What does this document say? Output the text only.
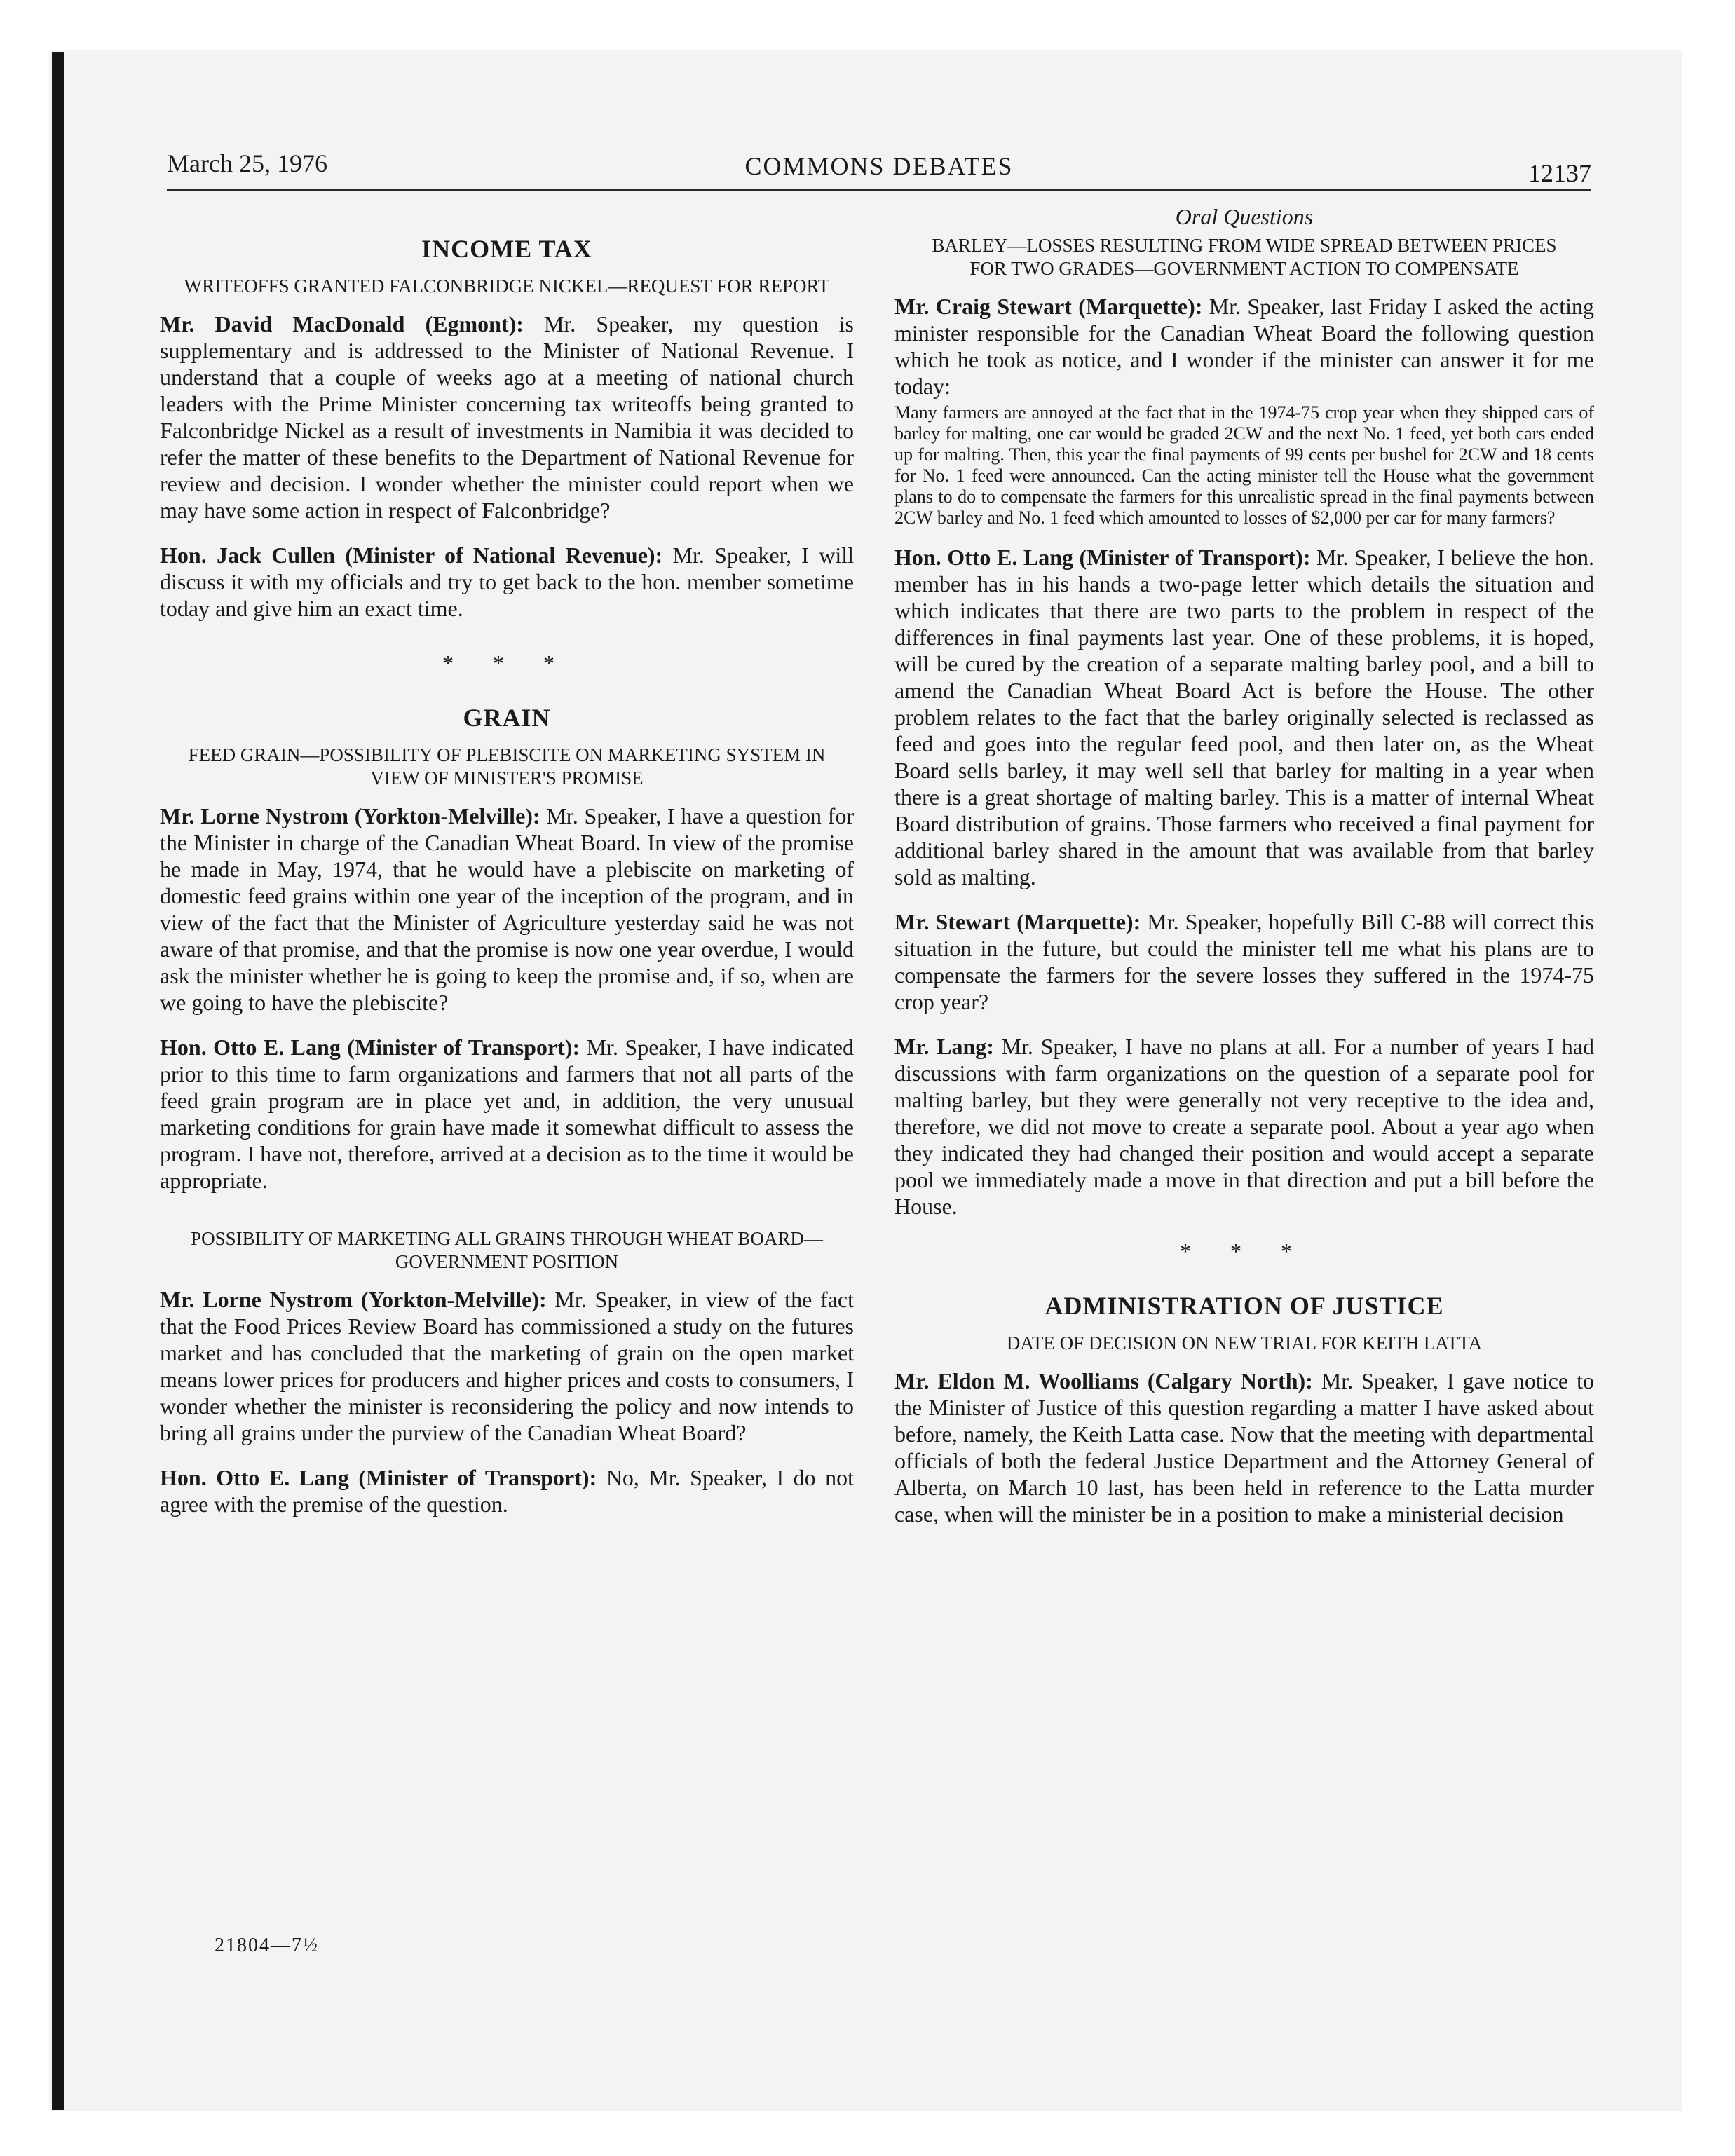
March 25, 1976	COMMONS DEBATES	12137
INCOME TAX
WRITEOFFS GRANTED FALCONBRIDGE NICKEL—REQUEST FOR REPORT

Mr. David MacDonald (Egmont): Mr. Speaker, my question is supplementary and is addressed to the Minister of National Revenue. I understand that a couple of weeks ago at a meeting of national church leaders with the Prime Minister concerning tax writeoffs being granted to Falconbridge Nickel as a result of investments in Namibia it was decided to refer the matter of these benefits to the Department of National Revenue for review and decision. I wonder whether the minister could report when we may have some action in respect of Falconbridge?

Hon. Jack Cullen (Minister of National Revenue): Mr. Speaker, I will discuss it with my officials and try to get back to the hon. member sometime today and give him an exact time.

* * *
GRAIN
FEED GRAIN—POSSIBILITY OF PLEBISCITE ON MARKETING SYSTEM IN VIEW OF MINISTER'S PROMISE

Mr. Lorne Nystrom (Yorkton-Melville): Mr. Speaker, I have a question for the Minister in charge of the Canadian Wheat Board. In view of the promise he made in May, 1974, that he would have a plebiscite on marketing of domestic feed grains within one year of the inception of the program, and in view of the fact that the Minister of Agriculture yesterday said he was not aware of that promise, and that the promise is now one year overdue, I would ask the minister whether he is going to keep the promise and, if so, when are we going to have the plebiscite?

Hon. Otto E. Lang (Minister of Transport): Mr. Speaker, I have indicated prior to this time to farm organizations and farmers that not all parts of the feed grain program are in place yet and, in addition, the very unusual marketing conditions for grain have made it somewhat difficult to assess the program. I have not, therefore, arrived at a decision as to the time it would be appropriate.

POSSIBILITY OF MARKETING ALL GRAINS THROUGH WHEAT BOARD—GOVERNMENT POSITION

Mr. Lorne Nystrom (Yorkton-Melville): Mr. Speaker, in view of the fact that the Food Prices Review Board has commissioned a study on the futures market and has concluded that the marketing of grain on the open market means lower prices for producers and higher prices and costs to consumers, I wonder whether the minister is reconsidering the policy and now intends to bring all grains under the purview of the Canadian Wheat Board?

Hon. Otto E. Lang (Minister of Transport): No, Mr. Speaker, I do not agree with the premise of the question.

Oral Questions
BARLEY—LOSSES RESULTING FROM WIDE SPREAD BETWEEN PRICES FOR TWO GRADES—GOVERNMENT ACTION TO COMPENSATE

Mr. Craig Stewart (Marquette): Mr. Speaker, last Friday I asked the acting minister responsible for the Canadian Wheat Board the following question which he took as notice, and I wonder if the minister can answer it for me today:

Many farmers are annoyed at the fact that in the 1974-75 crop year when they shipped cars of barley for malting, one car would be graded 2CW and the next No. 1 feed, yet both cars ended up for malting. Then, this year the final payments of 99 cents per bushel for 2CW and 18 cents for No. 1 feed were announced. Can the acting minister tell the House what the government plans to do to compensate the farmers for this unrealistic spread in the final payments between 2CW barley and No. 1 feed which amounted to losses of $2,000 per car for many farmers?

Hon. Otto E. Lang (Minister of Transport): Mr. Speaker, I believe the hon. member has in his hands a two-page letter which details the situation and which indicates that there are two parts to the problem in respect of the differences in final payments last year. One of these problems, it is hoped, will be cured by the creation of a separate malting barley pool, and a bill to amend the Canadian Wheat Board Act is before the House. The other problem relates to the fact that the barley originally selected is reclassed as feed and goes into the regular feed pool, and then later on, as the Wheat Board sells barley, it may well sell that barley for malting in a year when there is a great shortage of malting barley. This is a matter of internal Wheat Board distribution of grains. Those farmers who received a final payment for additional barley shared in the amount that was available from that barley sold as malting.

Mr. Stewart (Marquette): Mr. Speaker, hopefully Bill C-88 will correct this situation in the future, but could the minister tell me what his plans are to compensate the farmers for the severe losses they suffered in the 1974-75 crop year?

Mr. Lang: Mr. Speaker, I have no plans at all. For a number of years I had discussions with farm organizations on the question of a separate pool for malting barley, but they were generally not very receptive to the idea and, therefore, we did not move to create a separate pool. About a year ago when they indicated they had changed their position and would accept a separate pool we immediately made a move in that direction and put a bill before the House.

* * *
ADMINISTRATION OF JUSTICE
DATE OF DECISION ON NEW TRIAL FOR KEITH LATTA

Mr. Eldon M. Woolliams (Calgary North): Mr. Speaker, I gave notice to the Minister of Justice of this question regarding a matter I have asked about before, namely, the Keith Latta case. Now that the meeting with departmental officials of both the federal Justice Department and the Attorney General of Alberta, on March 10 last, has been held in reference to the Latta murder case, when will the minister be in a position to make a ministerial decision

21804—7½
